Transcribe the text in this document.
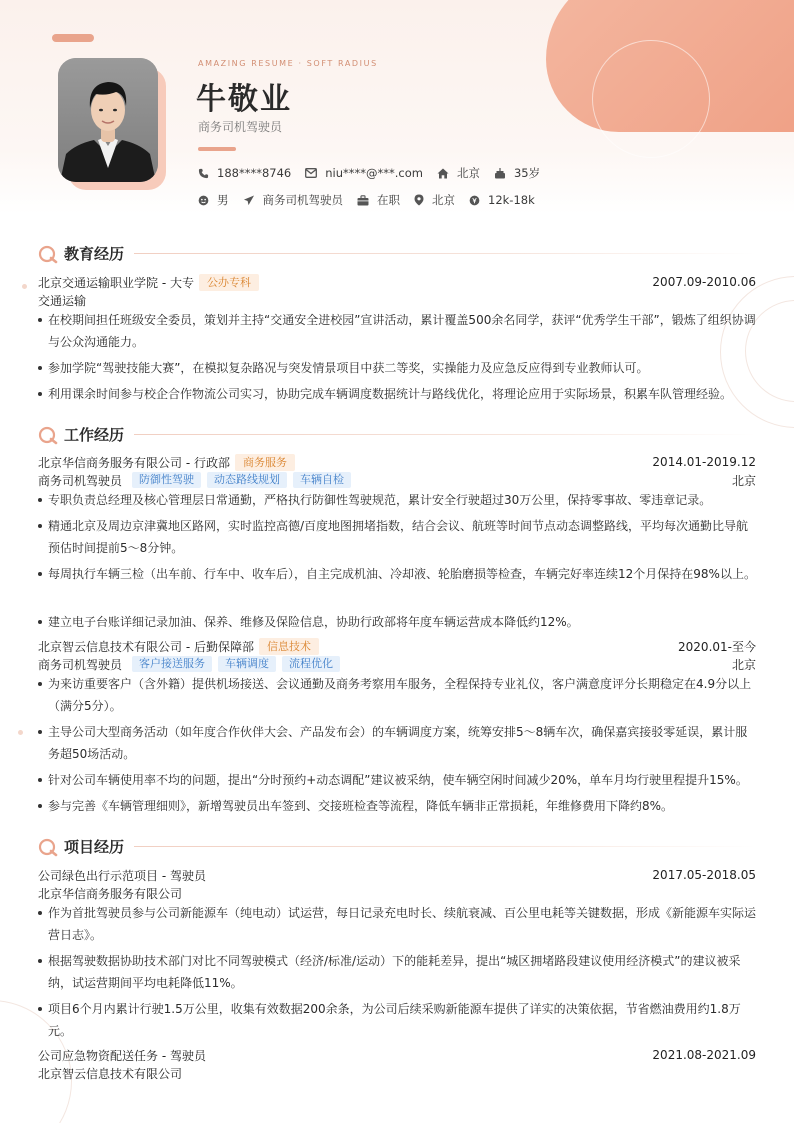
AMAZING RESUME · SOFT RADIUS
牛敬业
商务司机驾驶员
188****8746	niu****@***.com	北京	35岁
男	商务司机驾驶员	在职	北京	12k-18k
教育经历
北京交通运输职业学院 - 大专	公办专科	2007.09-2010.06
交通运输
在校期间担任班级安全委员，策划并主持“交通安全进校园”宣讲活动，累计覆盖500余名同学，获评“优秀学生干部”，锻炼了组织协调与公众沟通能力。
参加学院“驾驶技能大赛”，在模拟复杂路况与突发情景项目中获二等奖，实操能力及应急反应得到专业教师认可。
利用课余时间参与校企合作物流公司实习，协助完成车辆调度数据统计与路线优化，将理论应用于实际场景，积累车队管理经验。
工作经历
北京华信商务服务有限公司 - 行政部	商务服务	2014.01-2019.12
商务司机驾驶员	防御性驾驶	动态路线规划	车辆自检	北京
专职负责总经理及核心管理层日常通勤，严格执行防御性驾驶规范，累计安全行驶超过30万公里，保持零事故、零违章记录。
精通北京及周边京津冀地区路网，实时监控高德/百度地图拥堵指数，结合会议、航班等时间节点动态调整路线，平均每次通勤比导航预估时间提前5～8分钟。
每周执行车辆三检（出车前、行车中、收车后），自主完成机油、冷却液、轮胎磨损等检查，车辆完好率连续12个月保持在98%以上。
建立电子台账详细记录加油、保养、维修及保险信息，协助行政部将年度车辆运营成本降低约12%。
北京智云信息技术有限公司 - 后勤保障部	信息技术	2020.01-至今
商务司机驾驶员	客户接送服务	车辆调度	流程优化	北京
为来访重要客户（含外籍）提供机场接送、会议通勤及商务考察用车服务，全程保持专业礼仪，客户满意度评分长期稳定在4.9分以上（满分5分）。
主导公司大型商务活动（如年度合作伙伴大会、产品发布会）的车辆调度方案，统筹安排5～8辆车次，确保嘉宾接驳零延误，累计服务超50场活动。
针对公司车辆使用率不均的问题，提出“分时预约+动态调配”建议被采纳，使车辆空闲时间减少20%，单车月均行驶里程提升15%。
参与完善《车辆管理细则》，新增驾驶员出车签到、交接班检查等流程，降低车辆非正常损耗，年维修费用下降约8%。
项目经历
公司绿色出行示范项目 - 驾驶员	2017.05-2018.05
北京华信商务服务有限公司
作为首批驾驶员参与公司新能源车（纯电动）试运营，每日记录充电时长、续航衰减、百公里电耗等关键数据，形成《新能源车实际运营日志》。
根据驾驶数据协助技术部门对比不同驾驶模式（经济/标准/运动）下的能耗差异，提出“城区拥堵路段建议使用经济模式”的建议被采纳，试运营期间平均电耗降低11%。
项目6个月内累计行驶1.5万公里，收集有效数据200余条，为公司后续采购新能源车提供了详实的决策依据，节省燃油费用约1.8万元。
公司应急物资配送任务 - 驾驶员	2021.08-2021.09
北京智云信息技术有限公司
